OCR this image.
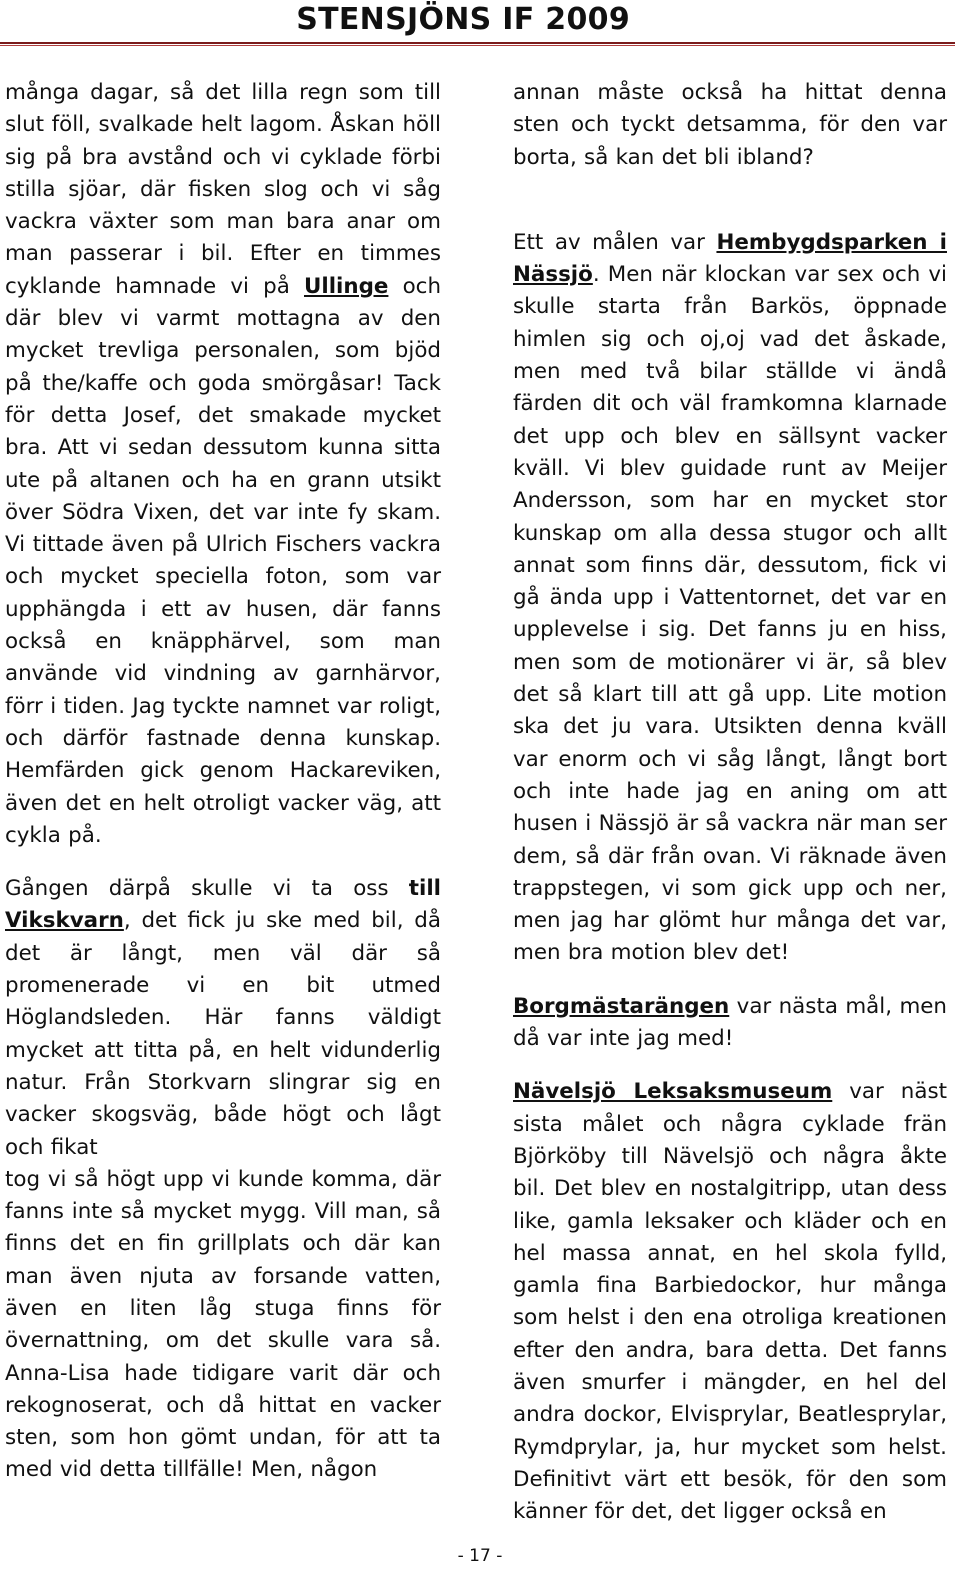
STENSJÖNS IF 2009

många dagar, så det lilla regn som till slut föll, svalkade helt lagom. Åskan höll sig på bra avstånd och vi cyklade förbi stilla sjöar, där fisken slog och vi såg vackra växter som man bara anar om man passerar i bil. Efter en timmes cyklande hamnade vi på Ullinge och där blev vi varmt mottagna av den mycket trevliga personalen, som bjöd på the/kaffe och goda smörgåsar! Tack för detta Josef, det smakade mycket bra. Att vi sedan dessutom kunna sitta ute på altanen och ha en grann utsikt över Södra Vixen, det var inte fy skam. Vi tittade även på Ulrich Fischers vackra och mycket speciella foton, som var upphängda i ett av husen, där fanns också en knäpphärvel, som man använde vid vindning av garnhärvor, förr i tiden. Jag tyckte namnet var roligt, och därför fastnade denna kunskap. Hemfärden gick genom Hackareviken, även det en helt otroligt vacker väg, att cykla på.

Gången därpå skulle vi ta oss till Vikskvarn, det fick ju ske med bil, då det är långt, men väl där så promenerade vi en bit utmed Höglandsleden. Här fanns väldigt mycket att titta på, en helt vidunderlig natur. Från Storkvarn slingrar sig en vacker skogsväg, både högt och lågt och fikat

tog vi så högt upp vi kunde komma, där fanns inte så mycket mygg. Vill man, så finns det en fin grillplats och där kan man även njuta av forsande vatten, även en liten låg stuga finns för övernattning, om det skulle vara så. Anna-Lisa hade tidigare varit där och rekognoserat, och då hittat en vacker sten, som hon gömt undan, för att ta med vid detta tillfälle! Men, någon

annan måste också ha hittat denna sten och tyckt detsamma, för den var borta, så kan det bli ibland?

Ett av målen var Hembygdsparken i Nässjö. Men när klockan var sex och vi skulle starta från Barkös, öppnade himlen sig och oj,oj vad det åskade, men med två bilar ställde vi ändå färden dit och väl framkomna klarnade det upp och blev en sällsynt vacker kväll. Vi blev guidade runt av Meijer Andersson, som har en mycket stor kunskap om alla dessa stugor och allt annat som finns där, dessutom, fick vi gå ända upp i Vattentornet, det var en upplevelse i sig. Det fanns ju en hiss, men som de motionärer vi är, så blev det så klart till att gå upp. Lite motion ska det ju vara. Utsikten denna kväll var enorm och vi såg långt, långt bort och inte hade jag en aning om att husen i Nässjö är så vackra när man ser dem, så där från ovan. Vi räknade även trappstegen, vi som gick upp och ner, men jag har glömt hur många det var, men bra motion blev det!

Borgmästarängen var nästa mål, men då var inte jag med!

Nävelsjö Leksaksmuseum var näst sista målet och några cyklade frän Björköby till Nävelsjö och några åkte bil. Det blev en nostalgitripp, utan dess like, gamla leksaker och kläder och en hel massa annat, en hel skola fylld, gamla fina Barbiedockor, hur många som helst i den ena otroliga kreationen efter den andra, bara detta. Det fanns även smurfer i mängder, en hel del andra dockor, Elvisprylar, Beatlesprylar, Rymdprylar, ja, hur mycket som helst. Definitivt värt ett besök, för den som känner för det, det ligger också en

- 17 -
